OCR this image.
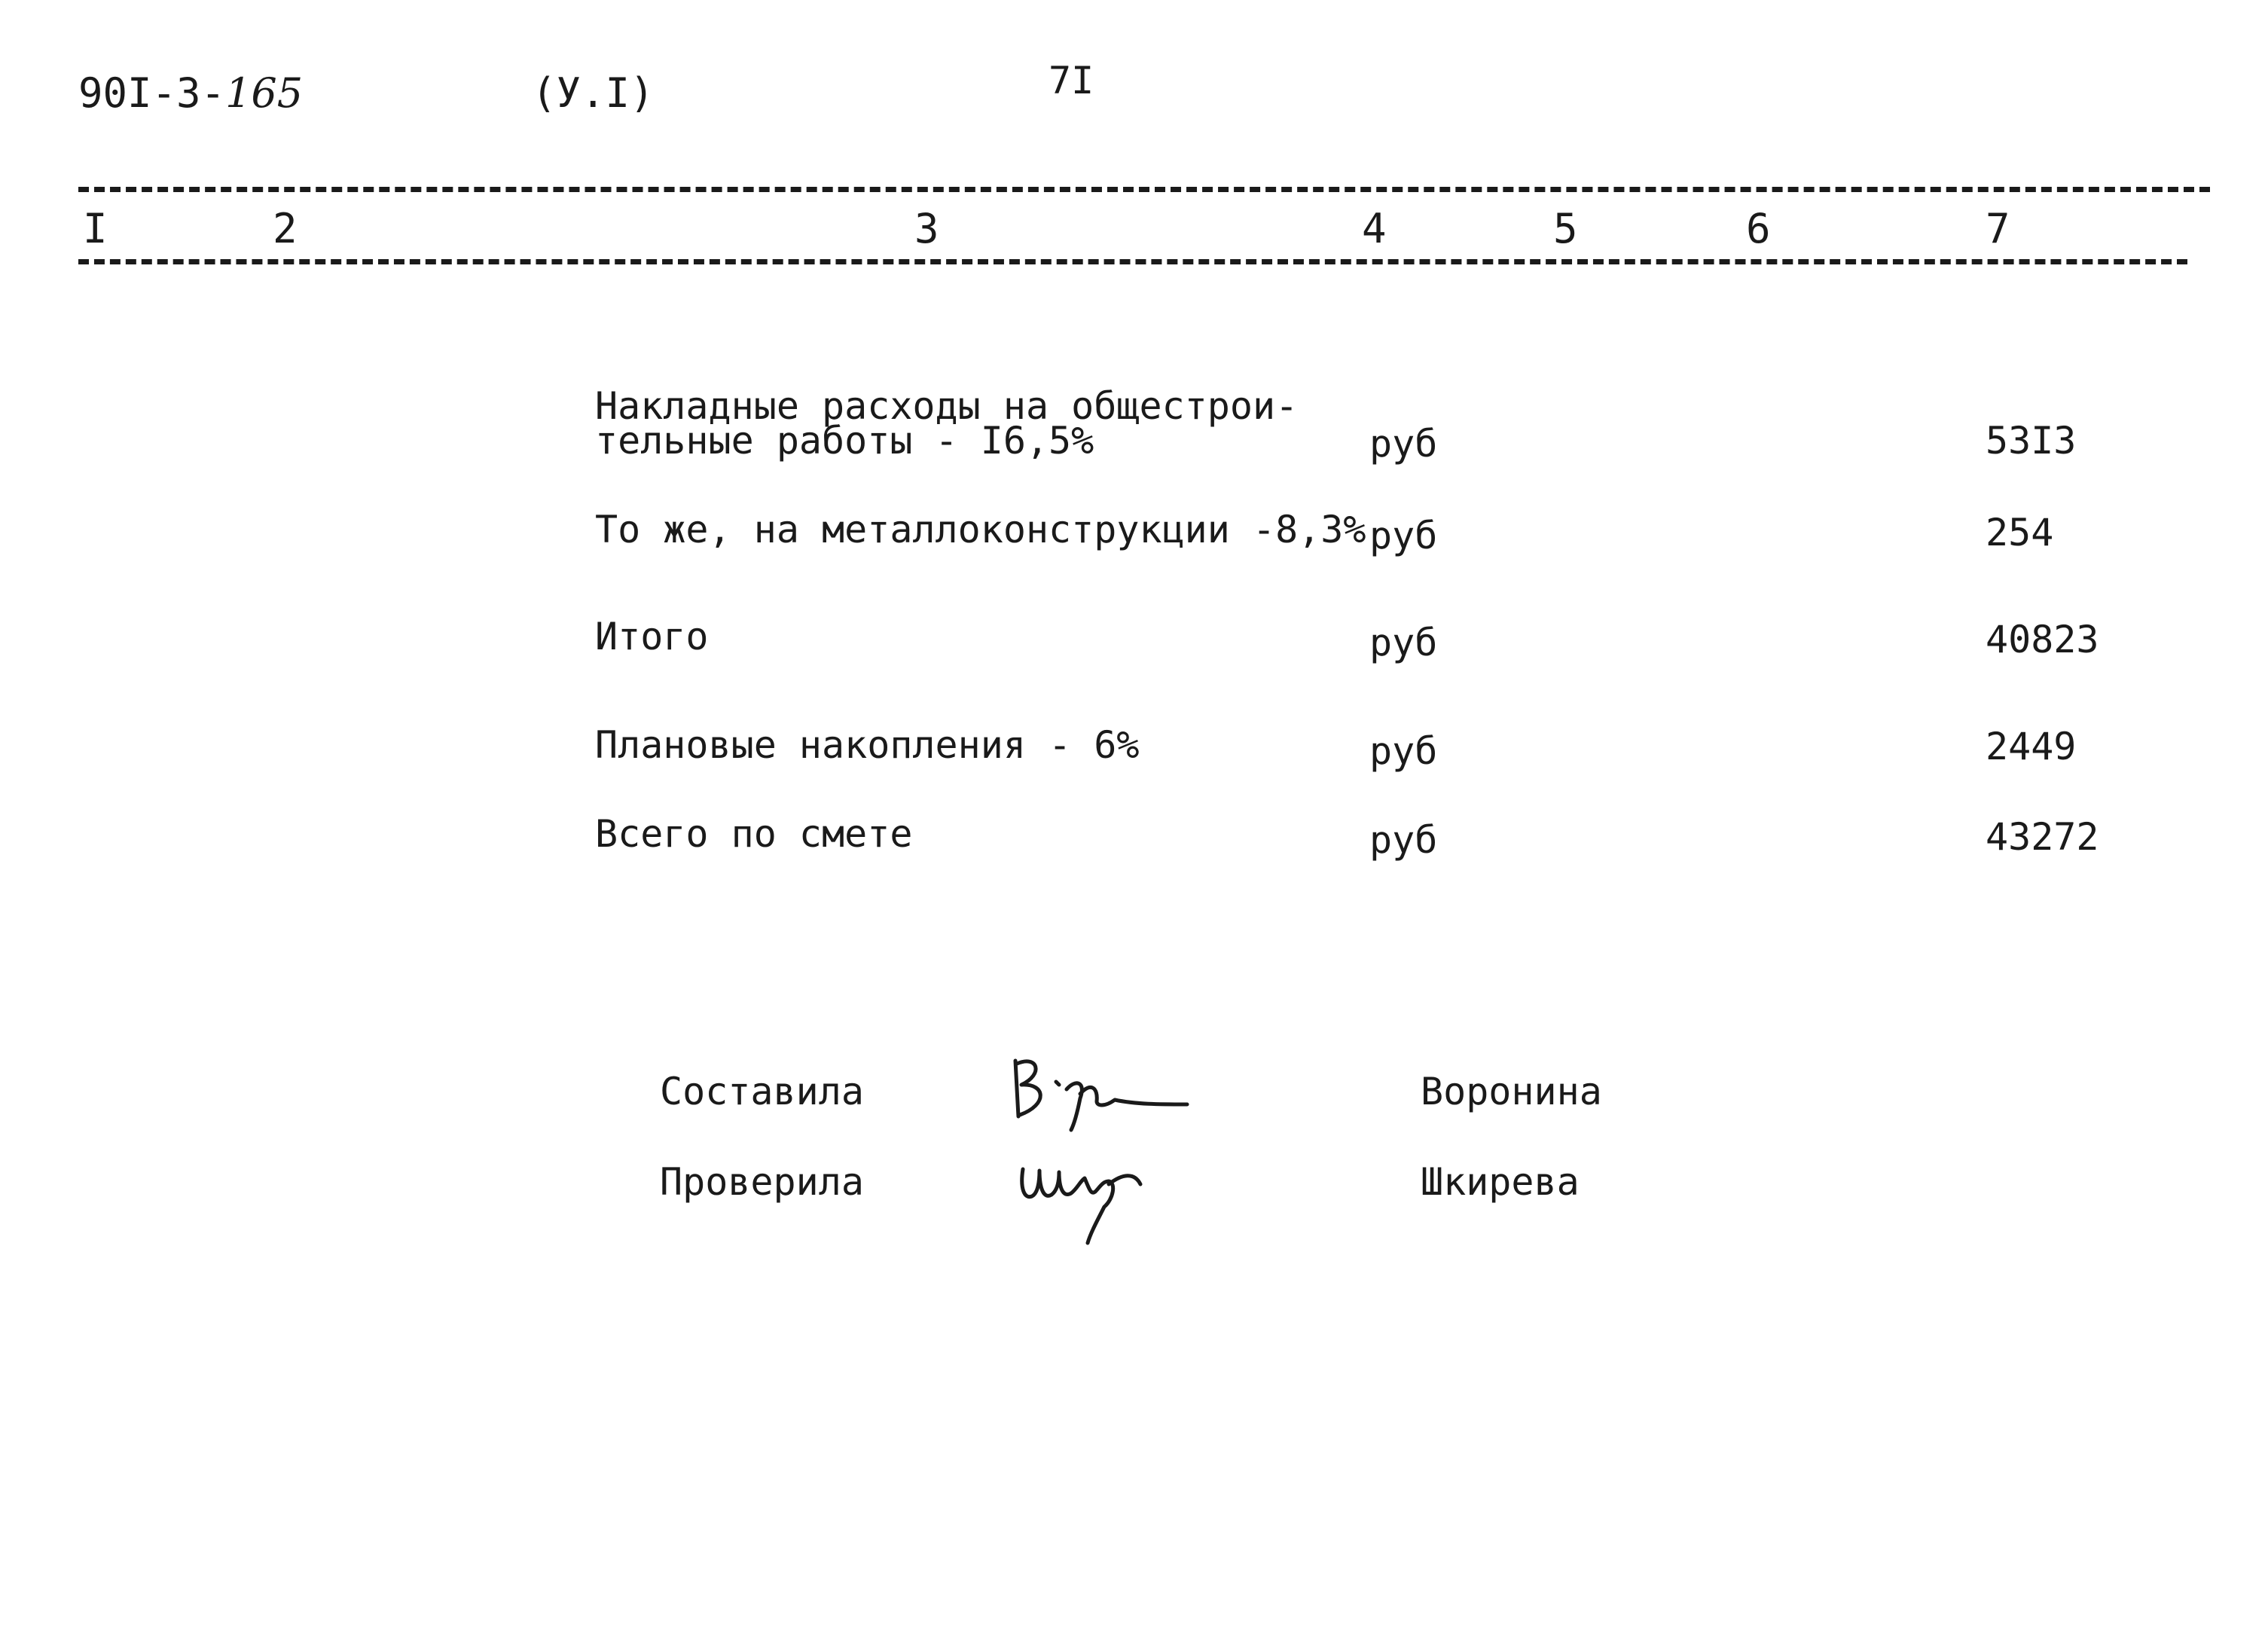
90I-3-165	(У.I)	7I
I	2	3	4	5	6	7
Накладные расходы на общестрои-
тельные работы - I6,5%	руб	53I3
То же, на металлоконструкции -8,3% руб	254
Итого	руб	40823
Плановые накопления - 6%	руб	2449
Всего по смете	руб	43272
Составила	Воронина
Проверила	Шкирева
